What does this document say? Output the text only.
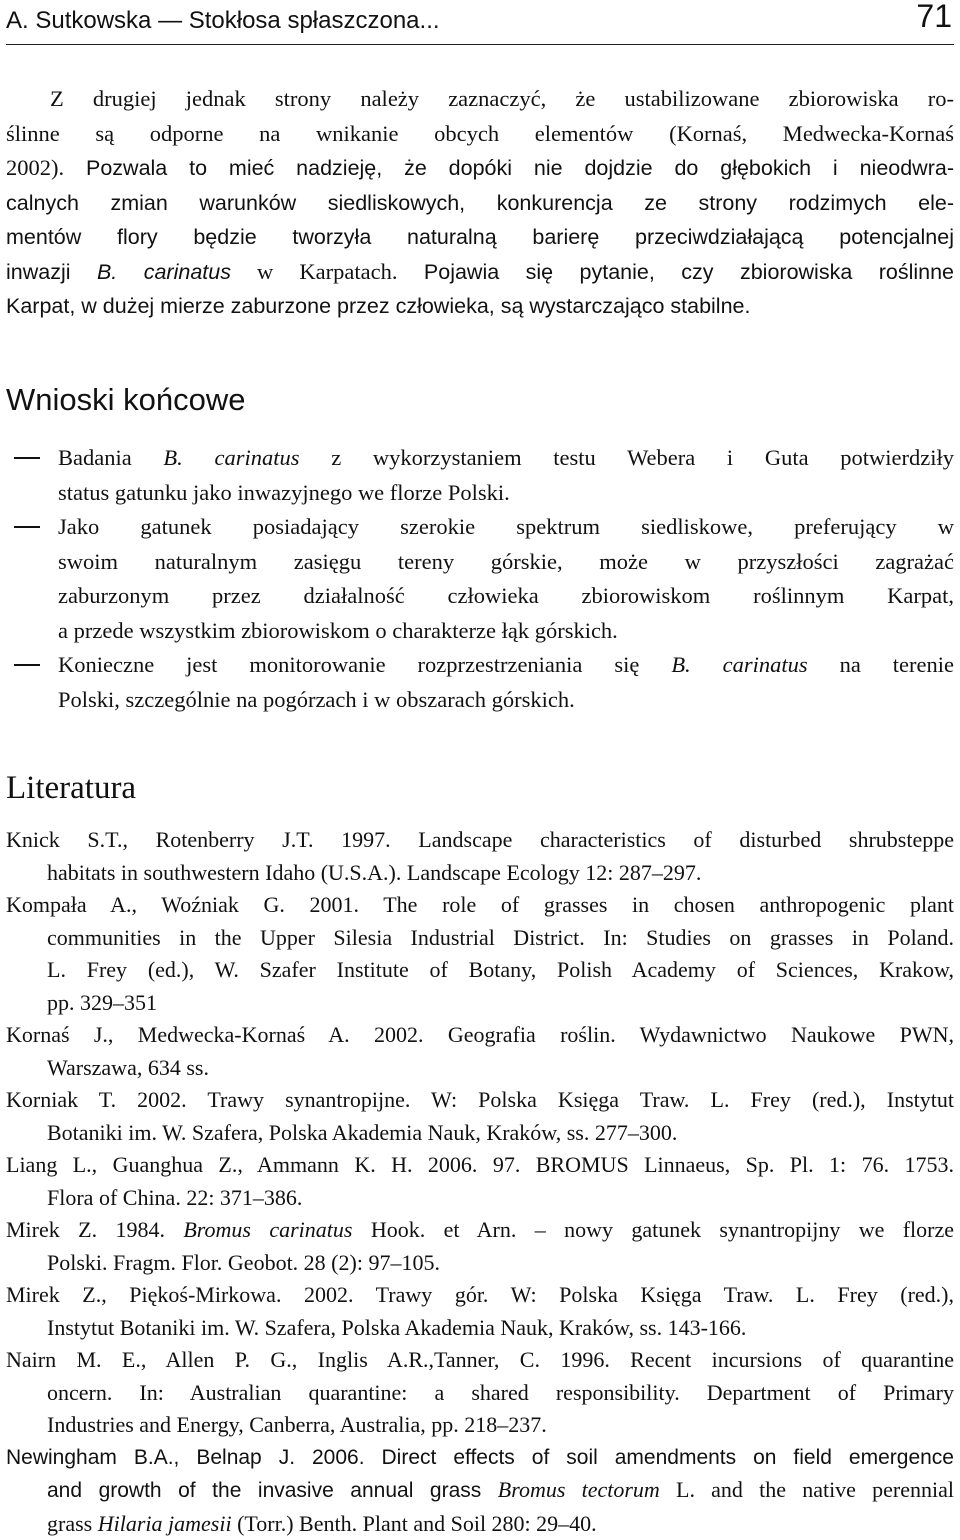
A. Sutkowska — Stokłosa spłaszczona...	71
Z drugiej jednak strony należy zaznaczyć, że ustabilizowane zbiorowiska ro-
ślinne są odporne na wnikanie obcych elementów (Kornaś, Medwecka-Kornaś
2002). Pozwala to mieć nadzieję, że dopóki nie dojdzie do głębokich i nieodwra-
calnych zmian warunków siedliskowych, konkurencja ze strony rodzimych ele-
mentów flory będzie tworzyła naturalną barierę przeciwdziałającą potencjalnej
inwazji B. carinatus w Karpatach. Pojawia się pytanie, czy zbiorowiska roślinne
Karpat, w dużej mierze zaburzone przez człowieka, są wystarczająco stabilne.
Wnioski końcowe
Badania B. carinatus z wykorzystaniem testu Webera i Guta potwierdziły
status gatunku jako inwazyjnego we florze Polski.
Jako gatunek posiadający szerokie spektrum siedliskowe, preferujący w
swoim naturalnym zasięgu tereny górskie, może w przyszłości zagrażać
zaburzonym przez działalność człowieka zbiorowiskom roślinnym Karpat,
a przede wszystkim zbiorowiskom o charakterze łąk górskich.
Konieczne jest monitorowanie rozprzestrzeniania się B. carinatus na terenie
Polski, szczególnie na pogórzach i w obszarach górskich.
Literatura
Knick S.T., Rotenberry J.T. 1997. Landscape characteristics of disturbed shrubsteppe
habitats in southwestern Idaho (U.S.A.). Landscape Ecology 12: 287–297.
Kompała A., Woźniak G. 2001. The role of grasses in chosen anthropogenic plant
communities in the Upper Silesia Industrial District. In: Studies on grasses in Poland.
L. Frey (ed.), W. Szafer Institute of Botany, Polish Academy of Sciences, Krakow,
pp. 329–351
Kornaś J., Medwecka-Kornaś A. 2002. Geografia roślin. Wydawnictwo Naukowe PWN,
Warszawa, 634 ss.
Korniak T. 2002. Trawy synantropijne. W: Polska Księga Traw. L. Frey (red.), Instytut
Botaniki im. W. Szafera, Polska Akademia Nauk, Kraków, ss. 277–300.
Liang L., Guanghua Z., Ammann K. H. 2006. 97. BROMUS Linnaeus, Sp. Pl. 1: 76. 1753.
Flora of China. 22: 371–386.
Mirek Z. 1984. Bromus carinatus Hook. et Arn. – nowy gatunek synantropijny we florze
Polski. Fragm. Flor. Geobot. 28 (2): 97–105.
Mirek Z., Piękoś-Mirkowa. 2002. Trawy gór. W: Polska Księga Traw. L. Frey (red.),
Instytut Botaniki im. W. Szafera, Polska Akademia Nauk, Kraków, ss. 143-166.
Nairn M. E., Allen P. G., Inglis A.R.,Tanner, C. 1996. Recent incursions of quarantine
oncern. In: Australian quarantine: a shared responsibility. Department of Primary
Industries and Energy, Canberra, Australia, pp. 218–237.
Newingham B.A., Belnap J. 2006. Direct effects of soil amendments on field emergence
and growth of the invasive annual grass Bromus tectorum L. and the native perennial
grass Hilaria jamesii (Torr.) Benth. Plant and Soil 280: 29–40.
